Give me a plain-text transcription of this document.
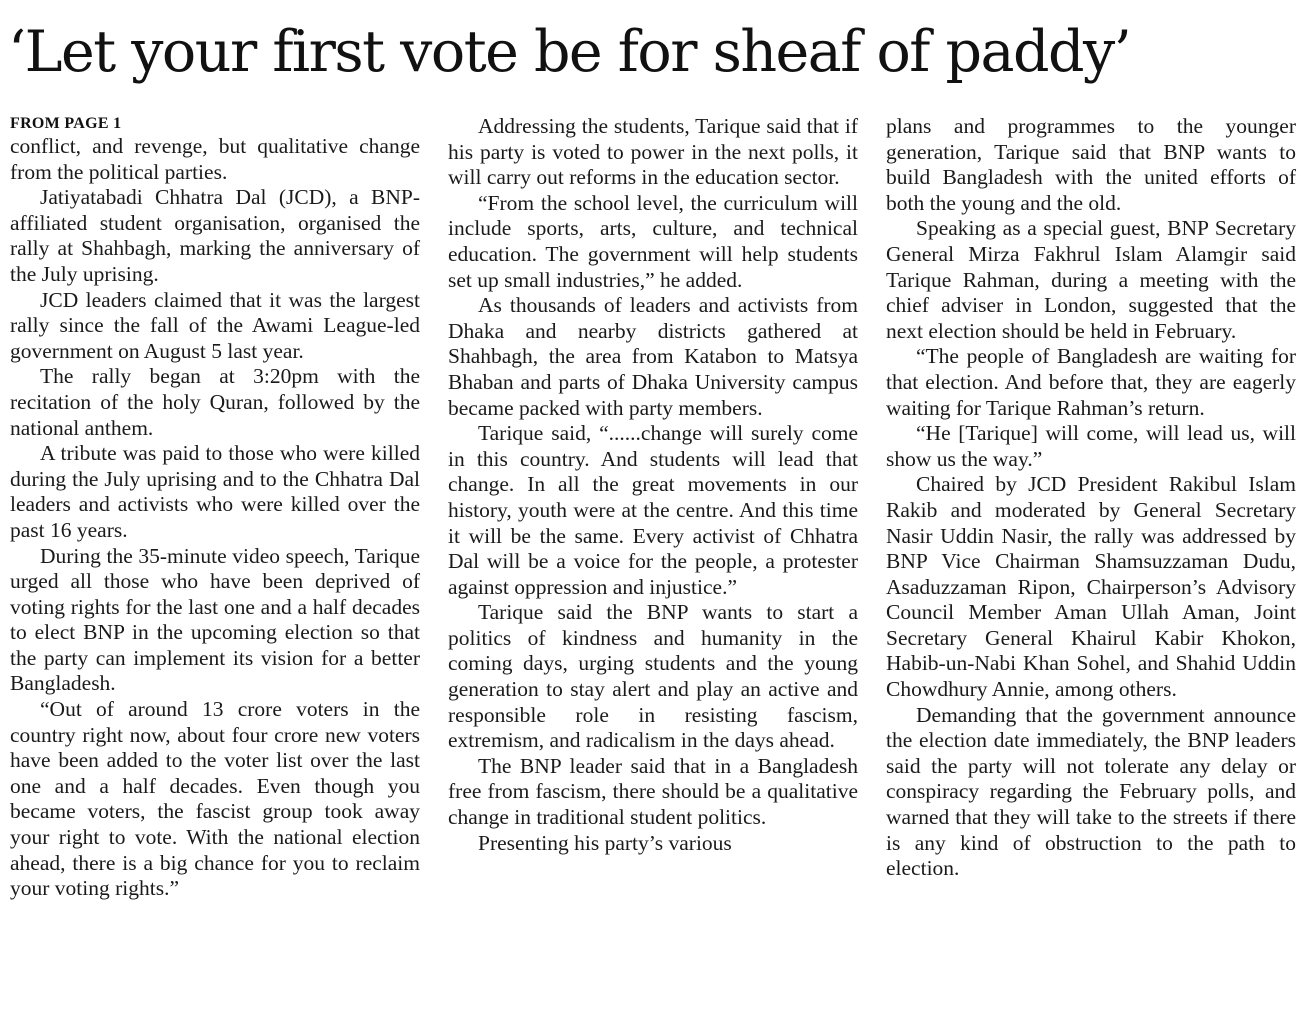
‘Let your first vote be for sheaf of paddy’
FROM PAGE 1

conflict, and revenge, but qualitative change from the political parties.

Jatiyatabadi Chhatra Dal (JCD), a BNP-affiliated student organisation, organised the rally at Shahbagh, marking the anniversary of the July uprising.

JCD leaders claimed that it was the largest rally since the fall of the Awami League-led government on August 5 last year.

The rally began at 3:20pm with the recitation of the holy Quran, followed by the national anthem.

A tribute was paid to those who were killed during the July uprising and to the Chhatra Dal leaders and activists who were killed over the past 16 years.

During the 35-minute video speech, Tarique urged all those who have been deprived of voting rights for the last one and a half decades to elect BNP in the upcoming election so that the party can implement its vision for a better Bangladesh.

“Out of around 13 crore voters in the country right now, about four crore new voters have been added to the voter list over the last one and a half decades. Even though you became voters, the fascist group took away your right to vote. With the national election ahead, there is a big chance for you to reclaim your voting rights.”

Addressing the students, Tarique said that if his party is voted to power in the next polls, it will carry out reforms in the education sector.

“From the school level, the curriculum will include sports, arts, culture, and technical education. The government will help students set up small industries,” he added.

As thousands of leaders and activists from Dhaka and nearby districts gathered at Shahbagh, the area from Katabon to Matsya Bhaban and parts of Dhaka University campus became packed with party members.

Tarique said, “......change will surely come in this country. And students will lead that change. In all the great movements in our history, youth were at the centre. And this time it will be the same. Every activist of Chhatra Dal will be a voice for the people, a protester against oppression and injustice.”

Tarique said the BNP wants to start a politics of kindness and humanity in the coming days, urging students and the young generation to stay alert and play an active and responsible role in resisting fascism, extremism, and radicalism in the days ahead.

The BNP leader said that in a Bangladesh free from fascism, there should be a qualitative change in traditional student politics.

Presenting his party’s various

plans and programmes to the younger generation, Tarique said that BNP wants to build Bangladesh with the united efforts of both the young and the old.

Speaking as a special guest, BNP Secretary General Mirza Fakhrul Islam Alamgir said Tarique Rahman, during a meeting with the chief adviser in London, suggested that the next election should be held in February.

“The people of Bangladesh are waiting for that election. And before that, they are eagerly waiting for Tarique Rahman’s return.

“He [Tarique] will come, will lead us, will show us the way.”

Chaired by JCD President Rakibul Islam Rakib and moderated by General Secretary Nasir Uddin Nasir, the rally was addressed by BNP Vice Chairman Shamsuzzaman Dudu, Asaduzzaman Ripon, Chairperson’s Advisory Council Member Aman Ullah Aman, Joint Secretary General Khairul Kabir Khokon, Habib-un-Nabi Khan Sohel, and Shahid Uddin Chowdhury Annie, among others.

Demanding that the government announce the election date immediately, the BNP leaders said the party will not tolerate any delay or conspiracy regarding the February polls, and warned that they will take to the streets if there is any kind of obstruction to the path to election.
